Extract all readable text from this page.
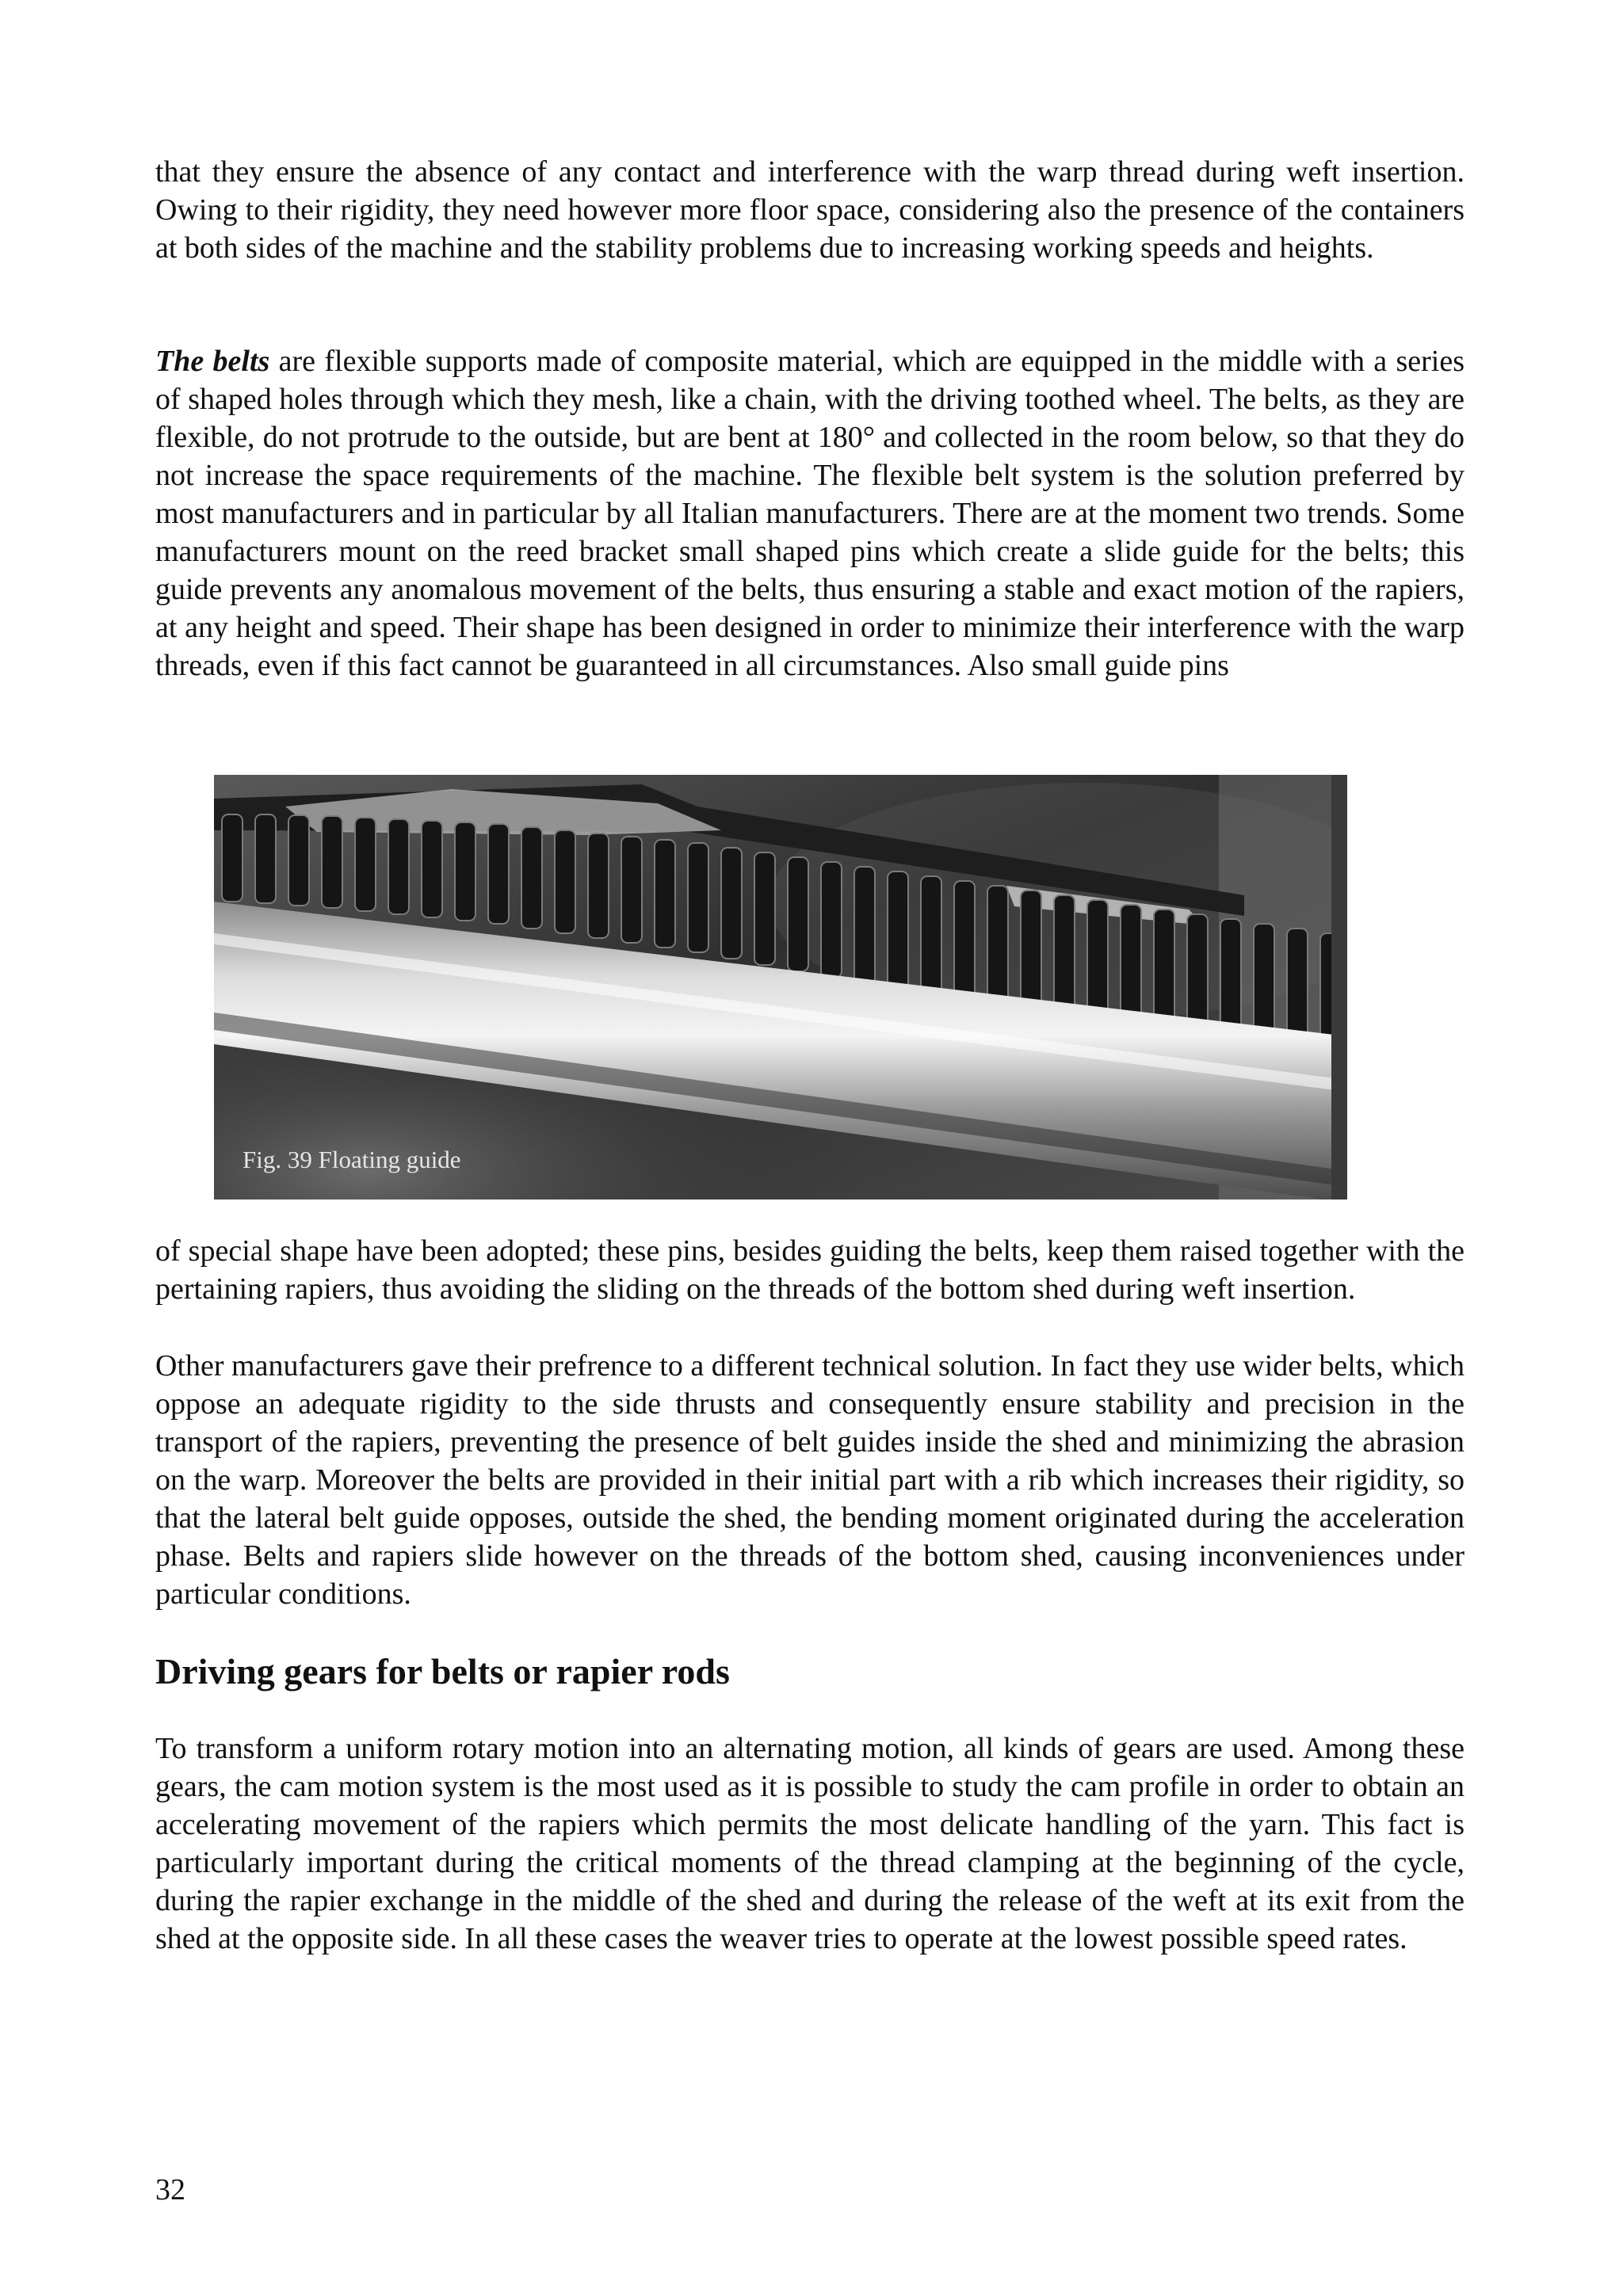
that they ensure the absence of any contact and interference with the warp thread during weft insertion. Owing to their rigidity, they need however more floor space, considering also the presence of the containers at both sides of the machine and the stability problems due to increasing working speeds and heights.

The belts are flexible supports made of composite material, which are equipped in the middle with a series of shaped holes through which they mesh, like a chain, with the driving toothed wheel. The belts, as they are flexible, do not protrude to the outside, but are bent at 180° and collected in the room below, so that they do not increase the space requirements of the machine. The flexible belt system is the solution preferred by most manufacturers and in particular by all Italian manufacturers. There are at the moment two trends. Some manufacturers mount on the reed bracket small shaped pins which create a slide guide for the belts; this guide prevents any anomalous movement of the belts, thus ensuring a stable and exact motion of the rapiers, at any height and speed. Their shape has been designed in order to minimize their interference with the warp threads, even if this fact cannot be guaranteed in all circumstances. Also small guide pins

Fig. 39 Floating guide

of special shape have been adopted; these pins, besides guiding the belts, keep them raised together with the pertaining rapiers, thus avoiding the sliding on the threads of the bottom shed during weft insertion.

Other manufacturers gave their prefrence to a different technical solution. In fact they use wider belts, which oppose an adequate rigidity to the side thrusts and consequently ensure stability and precision in the transport of the rapiers, preventing the presence of belt guides inside the shed and minimizing the abrasion on the warp. Moreover the belts are provided in their initial part with a rib which increases their rigidity, so that the lateral belt guide opposes, outside the shed, the bending moment originated during the acceleration phase. Belts and rapiers slide however on the threads of the bottom shed, causing inconveniences under particular conditions.

Driving gears for belts or rapier rods

To transform a uniform rotary motion into an alternating motion, all kinds of gears are used. Among these gears, the cam motion system is the most used as it is possible to study the cam profile in order to obtain an accelerating movement of the rapiers which permits the most delicate handling of the yarn. This fact is particularly important during the critical moments of the thread clamping at the beginning of the cycle, during the rapier exchange in the middle of the shed and during the release of the weft at its exit from the shed at the opposite side. In all these cases the weaver tries to operate at the lowest possible speed rates.

32
